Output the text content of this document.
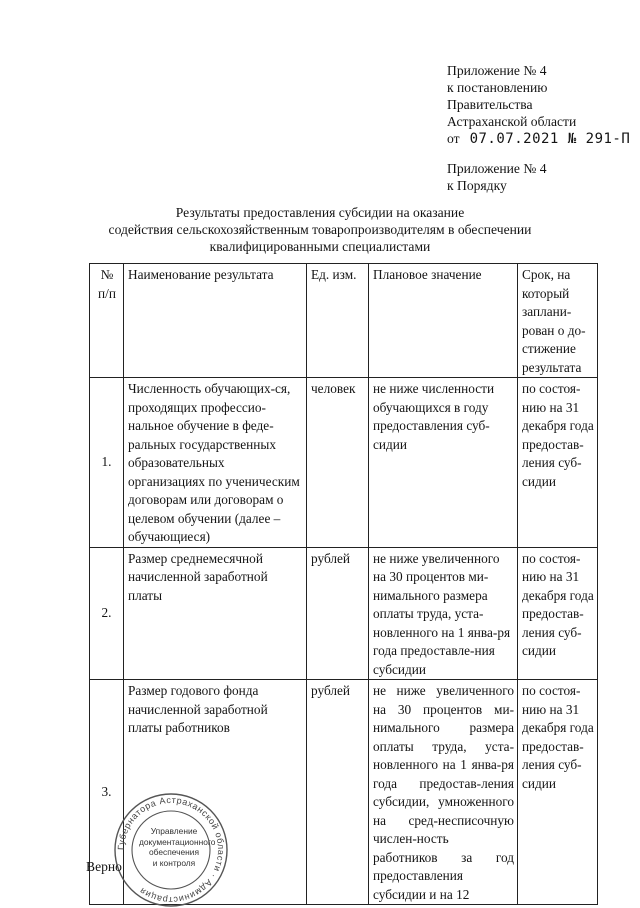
Приложение № 4
к постановлению
Правительства
Астраханской области
от 07.07.2021 № 291-П
Приложение № 4
к Порядку
Результаты предоставления субсидии на оказание
содействия сельскохозяйственным товаропроизводителям в обеспечении
квалифицированными специалистами
№
п/п	Наименование результата	Ед. изм.	Плановое значение	Срок, на который заплани-рован о до-стижение результата
1.	Численность обучающих-ся, проходящих профессио-нальное обучение в феде-ральных государственных образовательных организациях по ученическим договорам или договорам о целевом обучении (далее – обучающиеся)	человек	не ниже численности обучающихся в году предоставления суб-сидии	по состоя-нию на 31 декабря года предостав-ления суб-сидии
2.	Размер среднемесячной начисленной заработной платы	рублей	не ниже увеличенного на 30 процентов ми-нимального размера оплаты труда, уста-новленного на 1 янва-ря года предоставле-ния субсидии	по состоя-нию на 31 декабря года предостав-ления суб-сидии
3.	Размер годового фонда начисленной заработной платы работников	рублей	не ниже увеличенного на 30 процентов ми-нимального размера оплаты труда, уста-новленного на 1 янва-ря года предостав-ления субсидии, умноженного на сред-несписочную числен-ность работников за год предоставления субсидии и на 12	по состоя-нию на 31 декабря года предостав-ления суб-сидии
Губернатора Астраханской области · Администрация
Управление
документационного
обеспечения
и контроля
Верно
